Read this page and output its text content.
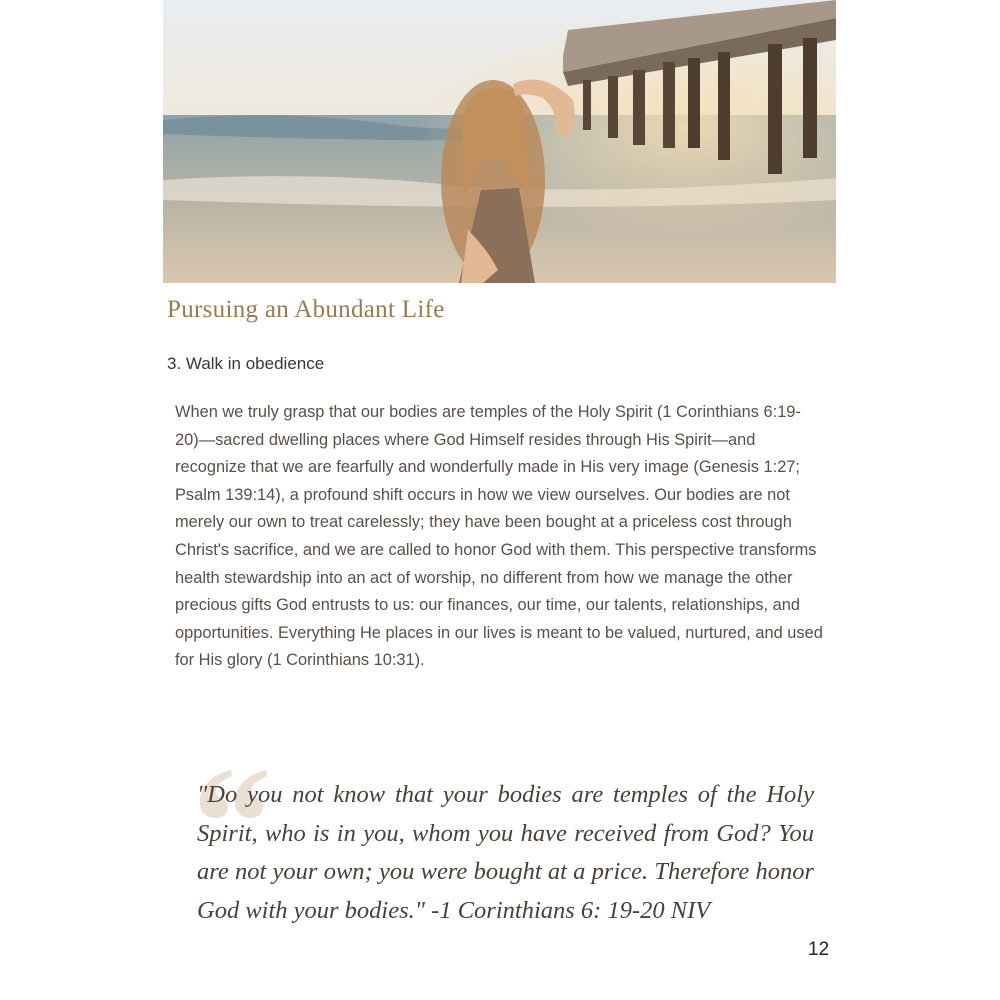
Pursuing an Abundant Life

3. Walk in obedience

When we truly grasp that our bodies are temples of the Holy Spirit (1 Corinthians 6:19-20)—sacred dwelling places where God Himself resides through His Spirit—and recognize that we are fearfully and wonderfully made in His very image (Genesis 1:27; Psalm 139:14), a profound shift occurs in how we view ourselves. Our bodies are not merely our own to treat carelessly; they have been bought at a priceless cost through Christ's sacrifice, and we are called to honor God with them. This perspective transforms health stewardship into an act of worship, no different from how we manage the other precious gifts God entrusts to us: our finances, our time, our talents, relationships, and opportunities. Everything He places in our lives is meant to be valued, nurtured, and used for His glory (1 Corinthians 10:31).

“

"Do you not know that your bodies are temples of the Holy Spirit, who is in you, whom you have received from God? You are not your own; you were bought at a price. Therefore honor God with your bodies." -1 Corinthians 6: 19-20 NIV

12
